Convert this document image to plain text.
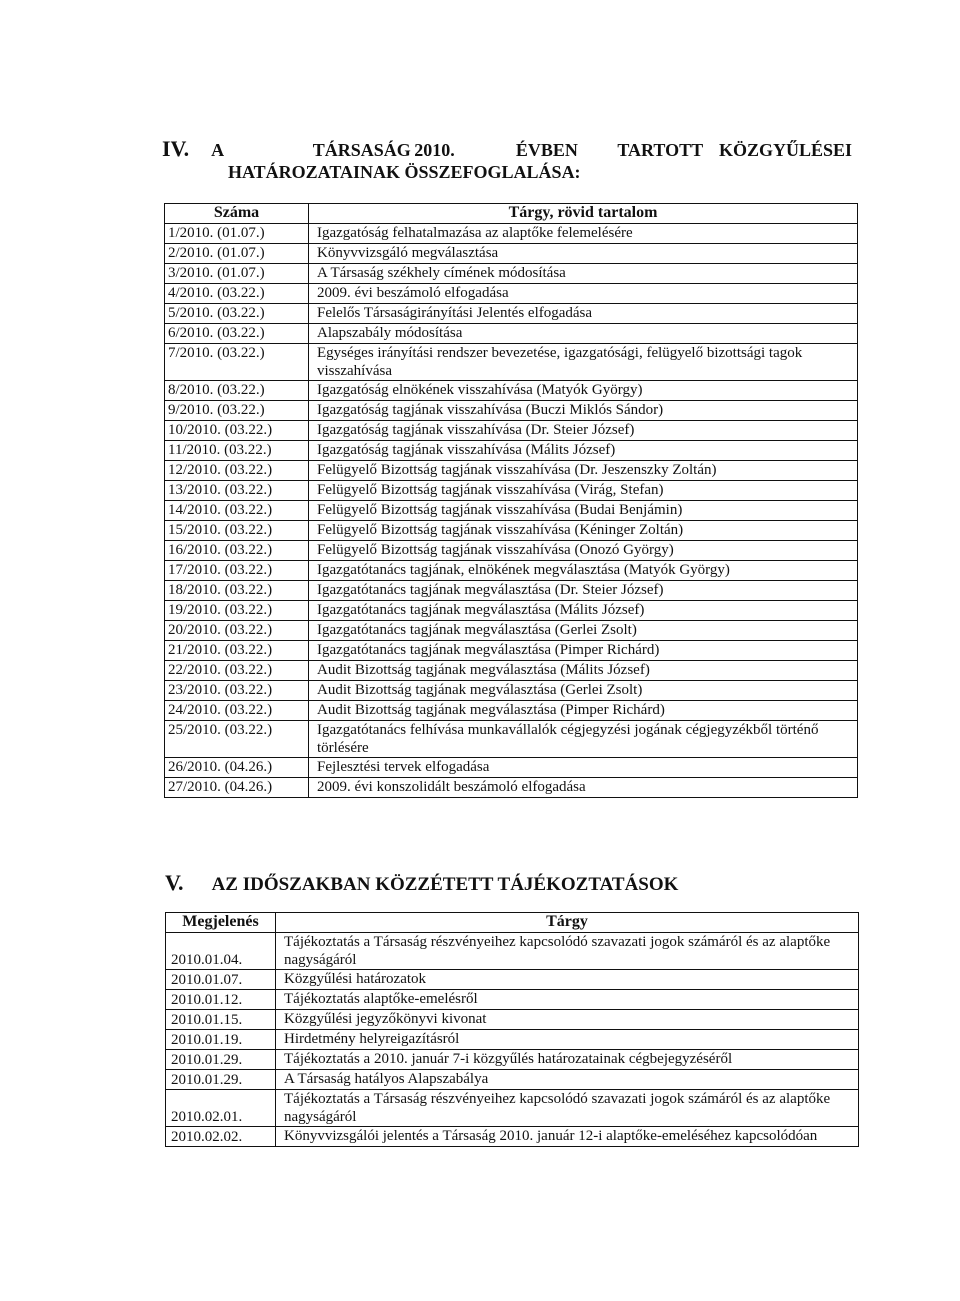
IV. A	TÁRSASÁG 2010.	ÉVBEN	TARTOTT KÖZGYŰLÉSEI
HATÁROZATAINAK ÖSSZEFOGLALÁSA:
Száma	Tárgy, rövid tartalom
1/2010. (01.07.)	Igazgatóság felhatalmazása az alaptőke felemelésére
2/2010. (01.07.)	Könyvvizsgáló megválasztása
3/2010. (01.07.)	A Társaság székhely címének módosítása
4/2010. (03.22.)	2009. évi beszámoló elfogadása
5/2010. (03.22.)	Felelős Társaságirányítási Jelentés elfogadása
6/2010. (03.22.)	Alapszabály módosítása
7/2010. (03.22.)	Egységes irányítási rendszer bevezetése, igazgatósági, felügyelő bizottsági tagok visszahívása
8/2010. (03.22.)	Igazgatóság elnökének visszahívása (Matyók György)
9/2010. (03.22.)	Igazgatóság tagjának visszahívása (Buczi Miklós Sándor)
10/2010. (03.22.)	Igazgatóság tagjának visszahívása (Dr. Steier József)
11/2010. (03.22.)	Igazgatóság tagjának visszahívása (Málits József)
12/2010. (03.22.)	Felügyelő Bizottság tagjának visszahívása (Dr. Jeszenszky Zoltán)
13/2010. (03.22.)	Felügyelő Bizottság tagjának visszahívása (Virág, Stefan)
14/2010. (03.22.)	Felügyelő Bizottság tagjának visszahívása (Budai Benjámin)
15/2010. (03.22.)	Felügyelő Bizottság tagjának visszahívása (Kéninger Zoltán)
16/2010. (03.22.)	Felügyelő Bizottság tagjának visszahívása (Onozó György)
17/2010. (03.22.)	Igazgatótanács tagjának, elnökének megválasztása (Matyók György)
18/2010. (03.22.)	Igazgatótanács tagjának megválasztása (Dr. Steier József)
19/2010. (03.22.)	Igazgatótanács tagjának megválasztása (Málits József)
20/2010. (03.22.)	Igazgatótanács tagjának megválasztása (Gerlei Zsolt)
21/2010. (03.22.)	Igazgatótanács tagjának megválasztása (Pimper Richárd)
22/2010. (03.22.)	Audit Bizottság tagjának megválasztása (Málits József)
23/2010. (03.22.)	Audit Bizottság tagjának megválasztása (Gerlei Zsolt)
24/2010. (03.22.)	Audit Bizottság tagjának megválasztása (Pimper Richárd)
25/2010. (03.22.)	Igazgatótanács felhívása munkavállalók cégjegyzési jogának cégjegyzékből történő törlésére
26/2010. (04.26.)	Fejlesztési tervek elfogadása
27/2010. (04.26.)	2009. évi konszolidált beszámoló elfogadása
V. AZ IDŐSZAKBAN KÖZZÉTETT TÁJÉKOZTATÁSOK
Megjelenés	Tárgy
2010.01.04.	Tájékoztatás a Társaság részvényeihez kapcsolódó szavazati jogok számáról és az alaptőke nagyságáról
2010.01.07.	Közgyűlési határozatok
2010.01.12.	Tájékoztatás alaptőke-emelésről
2010.01.15.	Közgyűlési jegyzőkönyvi kivonat
2010.01.19.	Hirdetmény helyreigazításról
2010.01.29.	Tájékoztatás a 2010. január 7-i közgyűlés határozatainak cégbejegyzéséről
2010.01.29.	A Társaság hatályos Alapszabálya
2010.02.01.	Tájékoztatás a Társaság részvényeihez kapcsolódó szavazati jogok számáról és az alaptőke nagyságáról
2010.02.02.	Könyvvizsgálói jelentés a Társaság 2010. január 12-i alaptőke-emeléséhez kapcsolódóan
